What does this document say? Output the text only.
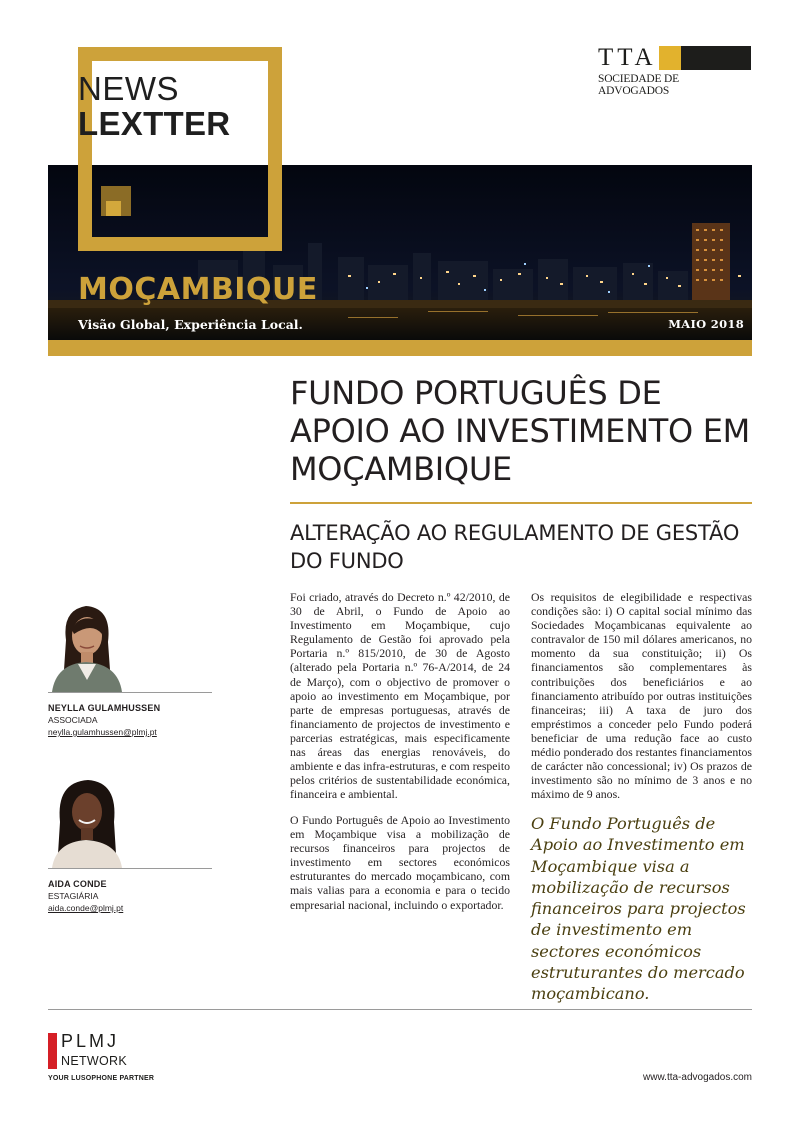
NEWS
LEXTTER
TTA
SOCIEDADE DE ADVOGADOS
MOÇAMBIQUE
Visão Global, Experiência Local.	MAIO 2018
FUNDO PORTUGUÊS DE APOIO AO INVESTIMENTO EM MOÇAMBIQUE
ALTERAÇÃO AO REGULAMENTO DE GESTÃO DO FUNDO
NEYLLA GULAMHUSSEN
ASSOCIADA
neylla.gulamhussen@plmj.pt
AIDA CONDE
ESTAGIÁRIA
aida.conde@plmj.pt

Foi criado, através do Decreto n.º 42/2010, de 30 de Abril, o Fundo de Apoio ao Investimento em Moçambique, cujo Regulamento de Gestão foi aprovado pela Portaria n.º 815/2010, de 30 de Agosto (alterado pela Portaria n.º 76-A/2014, de 24 de Março), com o objectivo de promover o apoio ao investimento em Moçambique, por parte de empresas portuguesas, através de financiamento de projectos de investimento e parcerias estratégicas, mais especificamente nas áreas das energias renováveis, do ambiente e das infra-estruturas, e com respeito pelos critérios de sustentabilidade económica, financeira e ambiental.

O Fundo Português de Apoio ao Investimento em Moçambique visa a mobilização de recursos financeiros para projectos de investimento em sectores económicos estruturantes do mercado moçambicano, com mais valias para a economia e para o tecido empresarial nacional, incluindo o exportador.

Os requisitos de elegibilidade e respectivas condições são: i) O capital social mínimo das Sociedades Moçambicanas equivalente ao contravalor de 150 mil dólares americanos, no momento da sua constituição; ii) Os financiamentos são complementares às contribuições dos beneficiários e ao financiamento atribuído por outras instituições financeiras; iii) A taxa de juro dos empréstimos a conceder pelo Fundo poderá beneficiar de uma redução face ao custo médio ponderado dos restantes financiamentos de carácter não concessional; iv) Os prazos de investimento são no mínimo de 3 anos e no máximo de 9 anos.

O Fundo Português de Apoio ao Investimento em Moçambique visa a mobilização de recursos financeiros para projectos de investimento em sectores económicos estruturantes do mercado moçambicano.

PLMJ
NETWORK
YOUR LUSOPHONE PARTNER	www.tta-advogados.com
